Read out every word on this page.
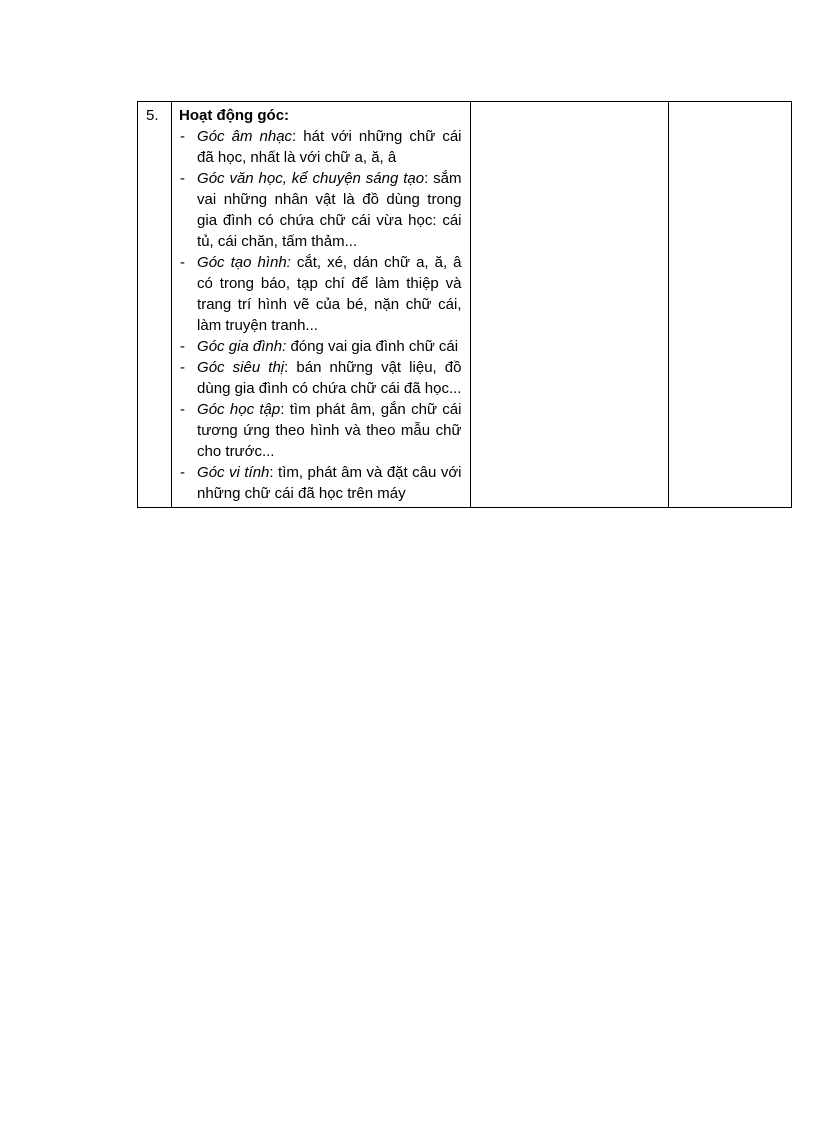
5.	Hoạt động góc:
- Góc âm nhạc: hát với những chữ cái đã học, nhất là với chữ a, ă, â
- Góc văn học, kể chuyện sáng tạo: sắm vai những nhân vật là đồ dùng trong gia đình có chứa chữ cái vừa học: cái tủ, cái chăn, tấm thảm...
- Góc tạo hình: cắt, xé, dán chữ a, ă, â có trong báo, tạp chí để làm thiệp và trang trí hình vẽ của bé, nặn chữ cái, làm truyện tranh...
- Góc gia đình: đóng vai gia đình chữ cái
- Góc siêu thị: bán những vật liệu, đồ dùng gia đình có chứa chữ cái đã học...
- Góc học tập: tìm phát âm, gắn chữ cái tương ứng theo hình và theo mẫu chữ cho trước...
- Góc vi tính: tìm, phát âm và đặt câu với những chữ cái đã học trên máy
